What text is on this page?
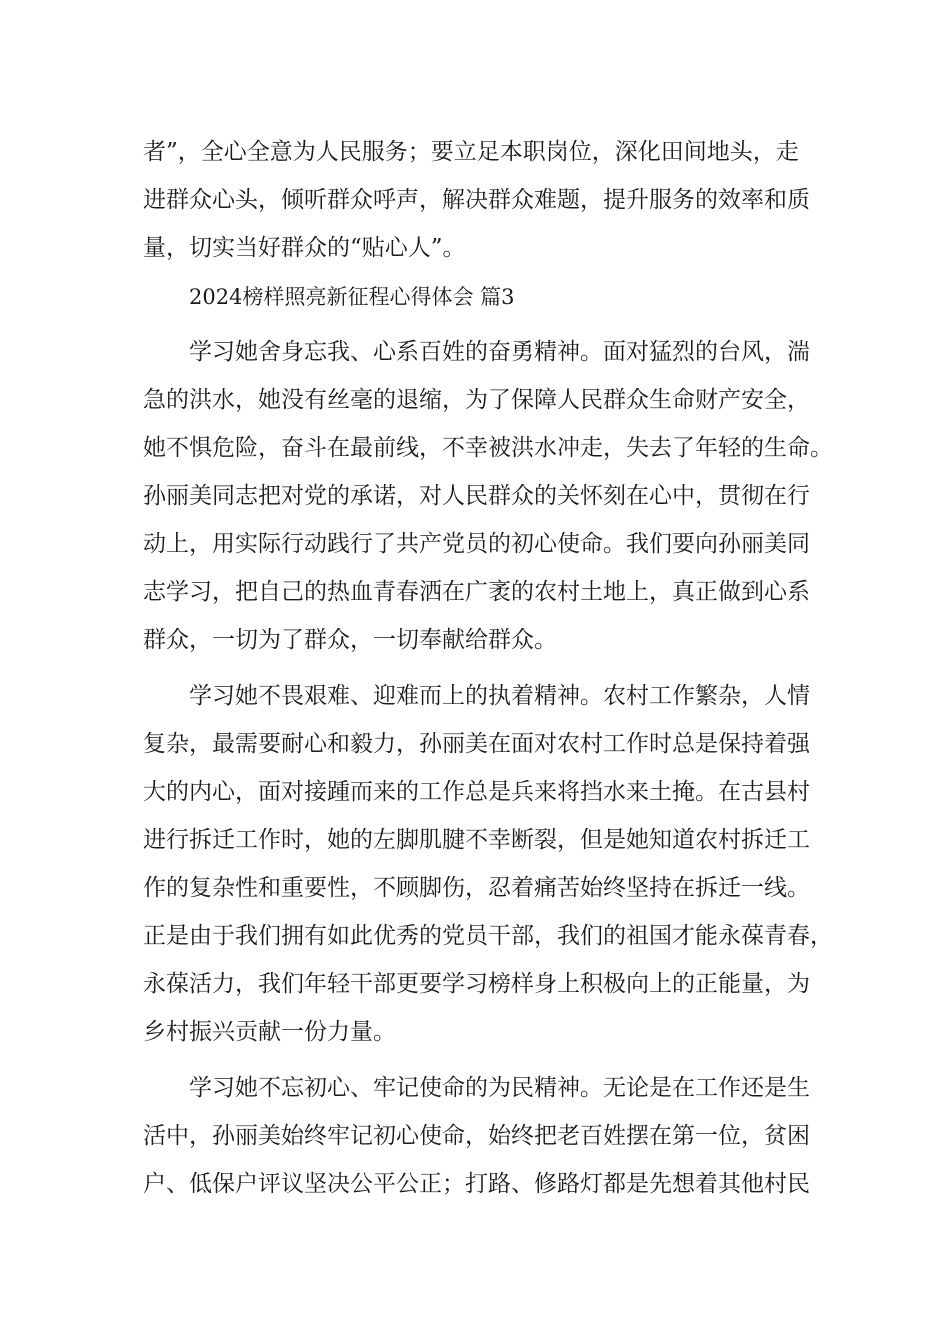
者”，全心全意为人民服务；要立足本职岗位，深化田间地头，走
进群众心头，倾听群众呼声，解决群众难题，提升服务的效率和质
量，切实当好群众的“贴心人”。
2024榜样照亮新征程心得体会 篇3
学习她舍身忘我、心系百姓的奋勇精神。面对猛烈的台风，湍
急的洪水，她没有丝毫的退缩，为了保障人民群众生命财产安全，
她不惧危险，奋斗在最前线，不幸被洪水冲走，失去了年轻的生命。
孙丽美同志把对党的承诺，对人民群众的关怀刻在心中，贯彻在行
动上，用实际行动践行了共产党员的初心使命。我们要向孙丽美同
志学习，把自己的热血青春洒在广袤的农村土地上，真正做到心系
群众，一切为了群众，一切奉献给群众。
学习她不畏艰难、迎难而上的执着精神。农村工作繁杂，人情
复杂，最需要耐心和毅力，孙丽美在面对农村工作时总是保持着强
大的内心，面对接踵而来的工作总是兵来将挡水来土掩。在古县村
进行拆迁工作时，她的左脚肌腱不幸断裂，但是她知道农村拆迁工
作的复杂性和重要性，不顾脚伤，忍着痛苦始终坚持在拆迁一线。
正是由于我们拥有如此优秀的党员干部，我们的祖国才能永葆青春，
永葆活力，我们年轻干部更要学习榜样身上积极向上的正能量，为
乡村振兴贡献一份力量。
学习她不忘初心、牢记使命的为民精神。无论是在工作还是生
活中，孙丽美始终牢记初心使命，始终把老百姓摆在第一位，贫困
户、低保户评议坚决公平公正；打路、修路灯都是先想着其他村民
